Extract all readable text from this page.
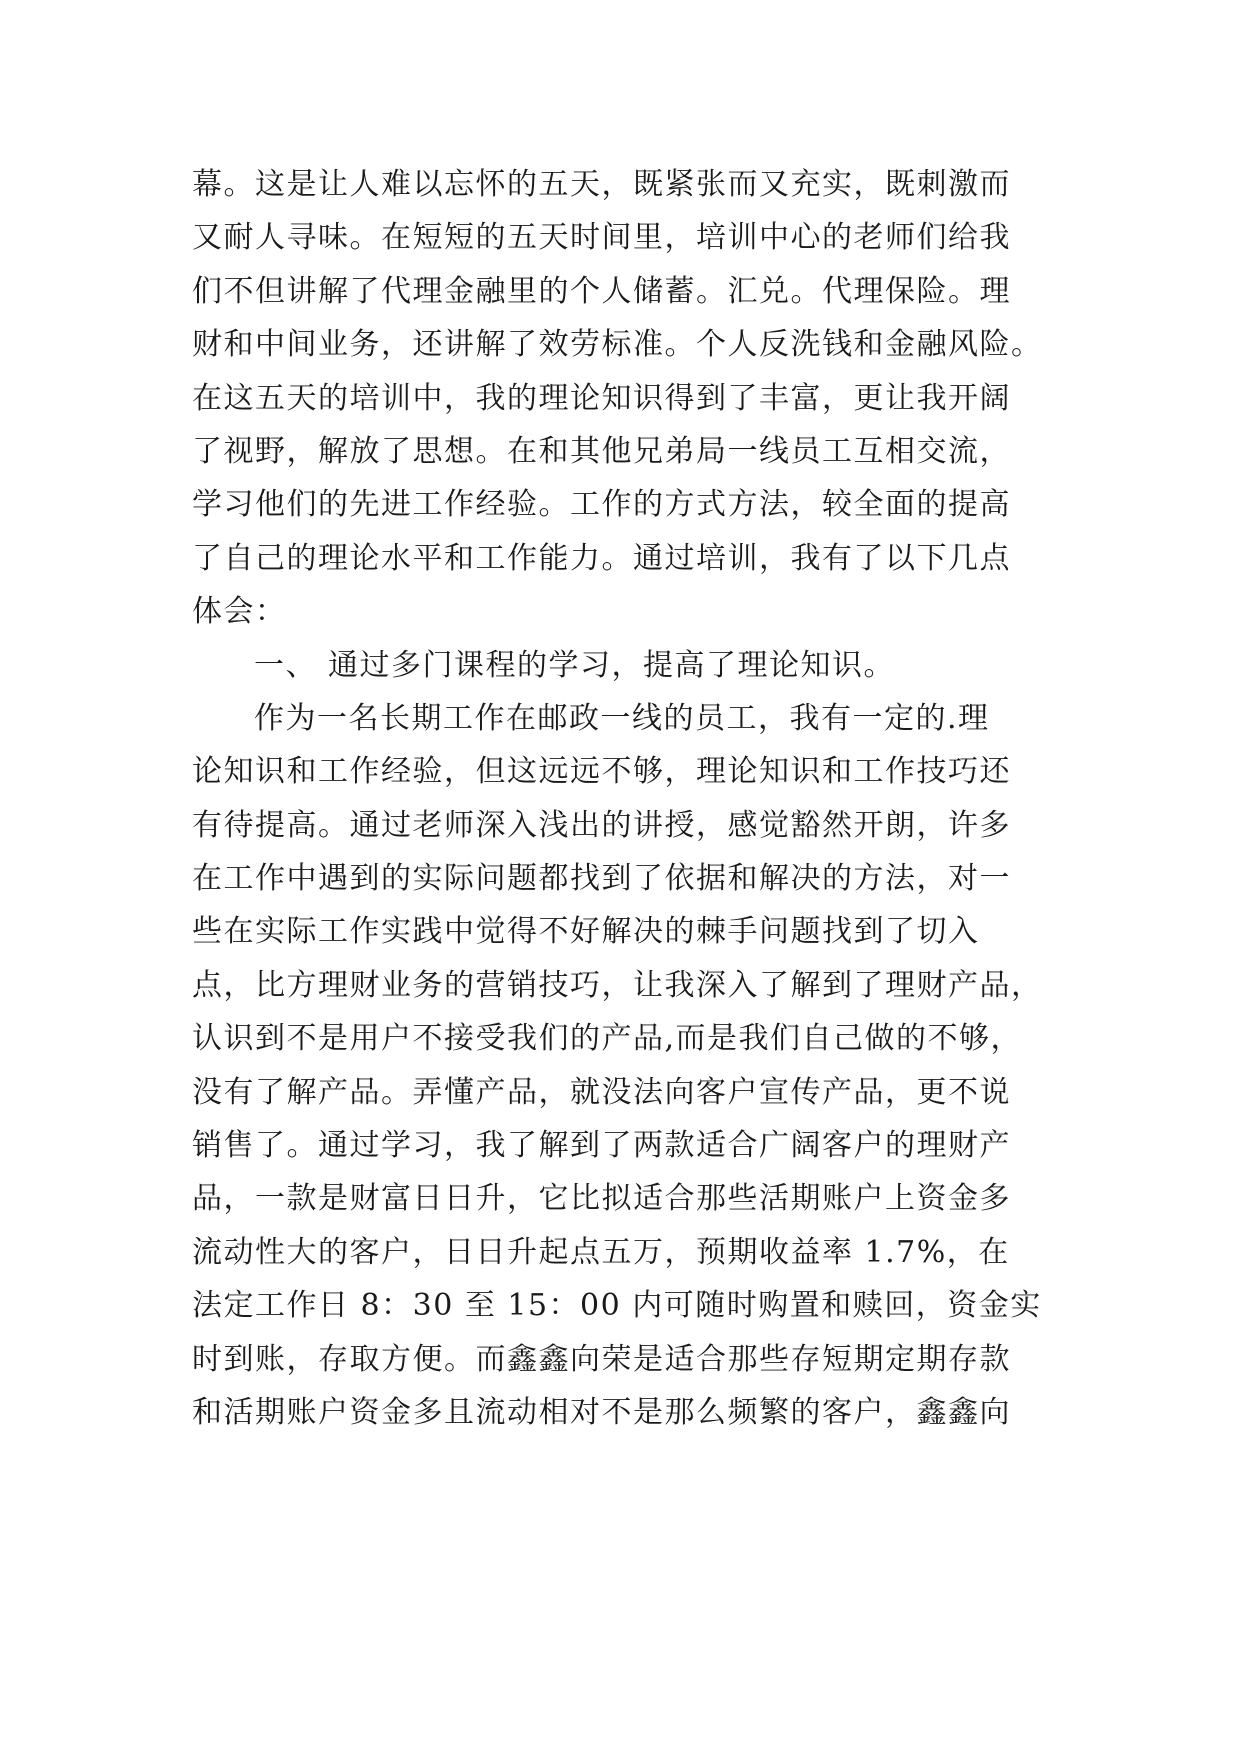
幕。这是让人难以忘怀的五天，既紧张而又充实，既刺激而
又耐人寻味。在短短的五天时间里，培训中心的老师们给我
们不但讲解了代理金融里的个人储蓄。汇兑。代理保险。理
财和中间业务，还讲解了效劳标准。个人反洗钱和金融风险。
在这五天的培训中，我的理论知识得到了丰富，更让我开阔
了视野，解放了思想。在和其他兄弟局一线员工互相交流，
学习他们的先进工作经验。工作的方式方法，较全面的提高
了自己的理论水平和工作能力。通过培训，我有了以下几点
体会：
一、 通过多门课程的学习，提高了理论知识。
作为一名长期工作在邮政一线的员工，我有一定的.理
论知识和工作经验，但这远远不够，理论知识和工作技巧还
有待提高。通过老师深入浅出的讲授，感觉豁然开朗，许多
在工作中遇到的实际问题都找到了依据和解决的方法，对一
些在实际工作实践中觉得不好解决的棘手问题找到了切入
点，比方理财业务的营销技巧，让我深入了解到了理财产品，
认识到不是用户不接受我们的产品,而是我们自己做的不够，
没有了解产品。弄懂产品，就没法向客户宣传产品，更不说
销售了。通过学习，我了解到了两款适合广阔客户的理财产
品，一款是财富日日升，它比拟适合那些活期账户上资金多
流动性大的客户，日日升起点五万，预期收益率 1.7%，在
法定工作日 8：30 至 15：00 内可随时购置和赎回，资金实
时到账，存取方便。而鑫鑫向荣是适合那些存短期定期存款
和活期账户资金多且流动相对不是那么频繁的客户，鑫鑫向
